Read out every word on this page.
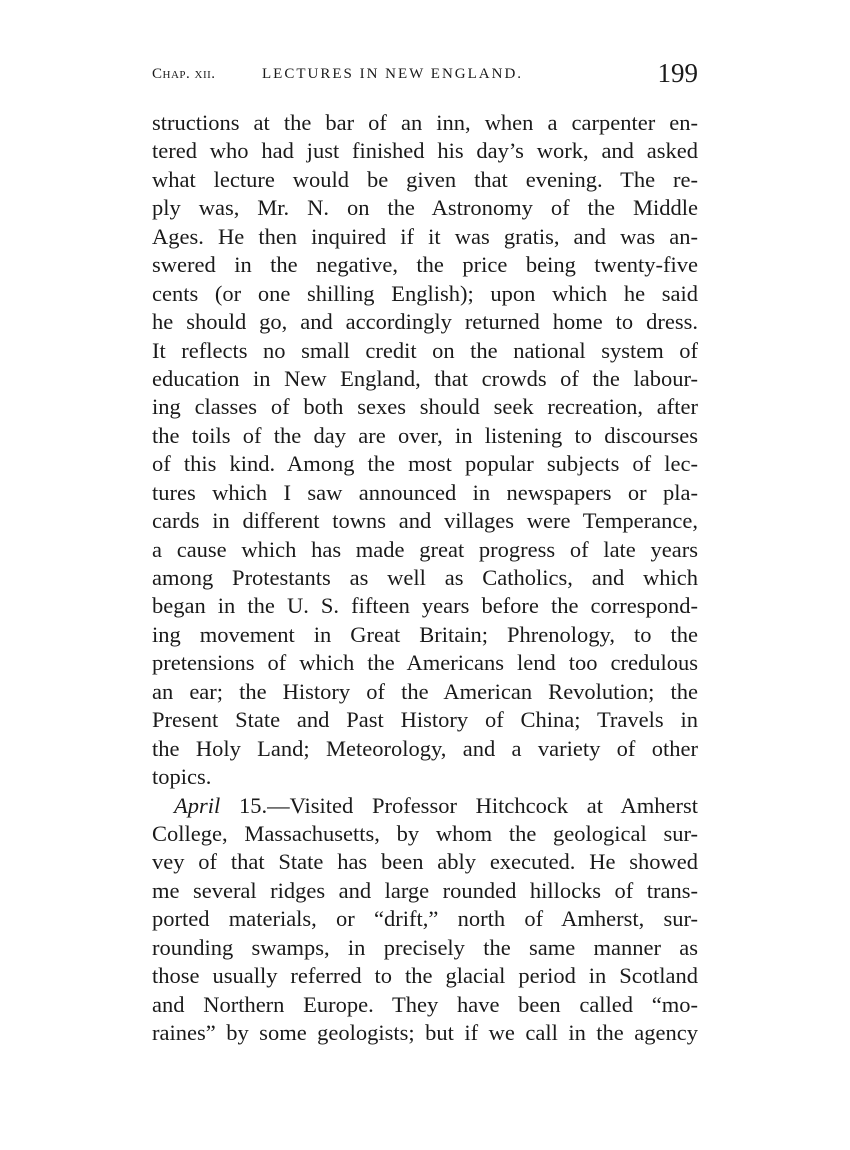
Chap. xii.	LECTURES IN NEW ENGLAND.	199
structions at the bar of an inn, when a carpenter en-
tered who had just finished his day’s work, and asked
what lecture would be given that evening. The re-
ply was, Mr. N. on the Astronomy of the Middle
Ages. He then inquired if it was gratis, and was an-
swered in the negative, the price being twenty-five
cents (or one shilling English); upon which he said
he should go, and accordingly returned home to dress.
It reflects no small credit on the national system of
education in New England, that crowds of the labour-
ing classes of both sexes should seek recreation, after
the toils of the day are over, in listening to discourses
of this kind. Among the most popular subjects of lec-
tures which I saw announced in newspapers or pla-
cards in different towns and villages were Temperance,
a cause which has made great progress of late years
among Protestants as well as Catholics, and which
began in the U. S. fifteen years before the correspond-
ing movement in Great Britain; Phrenology, to the
pretensions of which the Americans lend too credulous
an ear; the History of the American Revolution; the
Present State and Past History of China; Travels in
the Holy Land; Meteorology, and a variety of other
topics.
April 15.—Visited Professor Hitchcock at Amherst
College, Massachusetts, by whom the geological sur-
vey of that State has been ably executed. He showed
me several ridges and large rounded hillocks of trans-
ported materials, or “drift,” north of Amherst, sur-
rounding swamps, in precisely the same manner as
those usually referred to the glacial period in Scotland
and Northern Europe. They have been called “mo-
raines” by some geologists; but if we call in the agency
